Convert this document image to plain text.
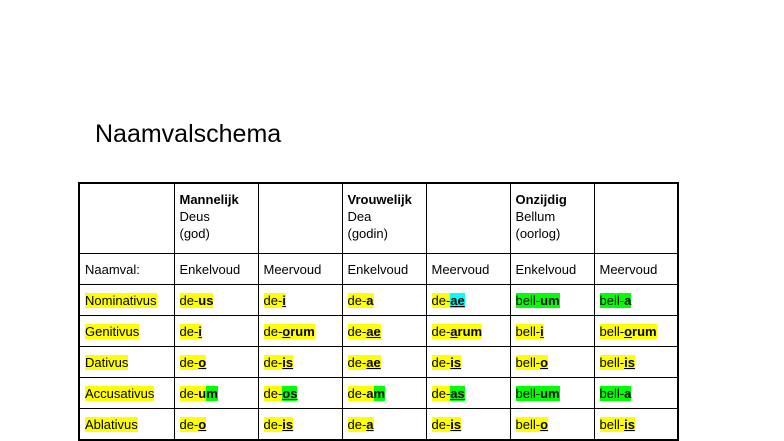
Naamvalschema

	Mannelijk
Deus
(god)		Vrouwelijk
Dea
(godin)		Onzijdig
Bellum
(oorlog)	

Naamval:	Enkelvoud	Meervoud	Enkelvoud	Meervoud	Enkelvoud	Meervoud
Nominativus	de-us	de-i	de-a	de-ae	bell-um	bell-a
Genitivus	de-i	de-orum	de-ae	de-arum	bell-i	bell-orum
Dativus	de-o	de-is	de-ae	de-is	bell-o	bell-is
Accusativus	de-um	de-os	de-am	de-as	bell-um	bell-a
Ablativus	de-o	de-is	de-a	de-is	bell-o	bell-is
